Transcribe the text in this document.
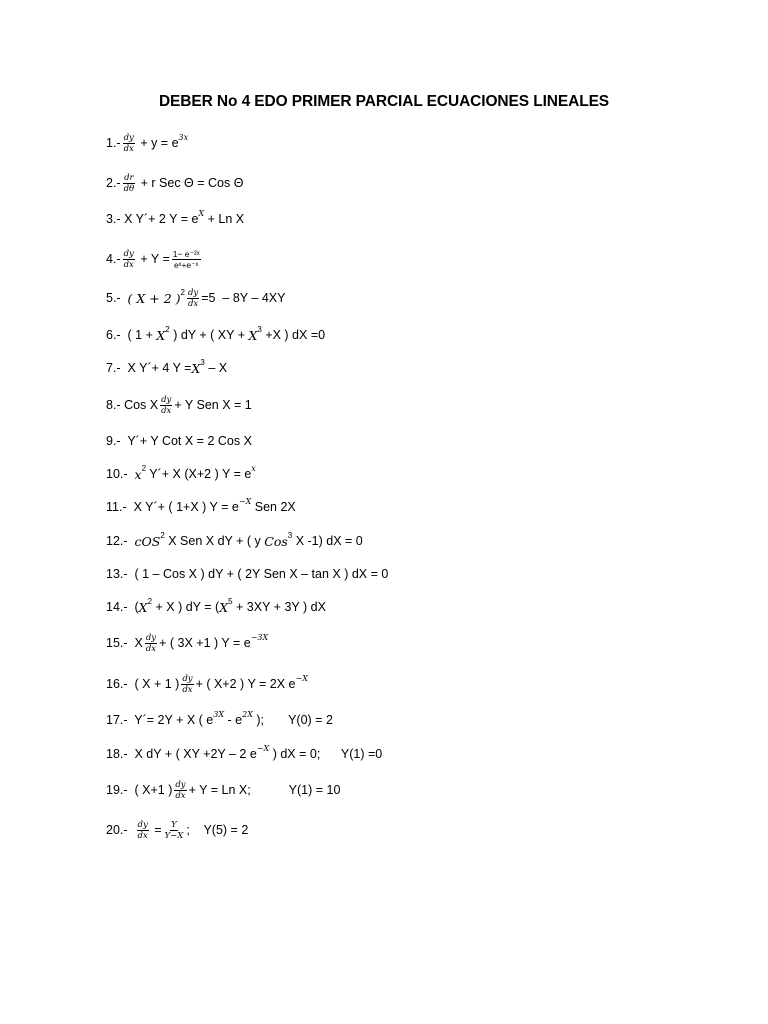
DEBER No 4 EDO PRIMER PARCIAL ECUACIONES LINEALES
$1.- \frac{dy}{dx} + y = e$ 3x
$2.- \frac{dr}{d\theta} + r$ Sec Θ = Cos Θ
3.- X Y´+ 2 Y = e X + Ln X
$4.- \frac{dy}{dx} + Y = \frac{\text{1− e⁻²ˣ}}{\text{eˣ+e⁻ˣ}}$
5.-
( X + 2 ) $2 \frac{dy}{dx} =5 - 8Y - 4XY$
6.- ( 1 + X 2 ) dY + ( XY + X 3 +X ) dX =0
7.- X Y´+ 4 Y = X 3 – X
8.- Cos X $\frac{dy}{dx} + Y$ Sen X = 1
9.- Y´+ Y Cot X = 2 Cos X
10.-
x 2 Y´+ X (X+2 ) Y = e x
11.- X Y´+ ( 1+X ) Y = e −X Sen 2X
12.-
cOS 2 X Sen X dY + ( y Cos 3 X -1) dX = 0
13.- ( 1 – Cos X ) dY + ( 2Y Sen X – tan X ) dX = 0
14.- ( X 2 + X ) dY = ( X 5 + 3XY + 3Y ) dX
15.- X $\frac{dy}{dx}$ + ( 3X +1 ) Y = e −3X
16.- ( X + 1 ) $\frac{dy}{dx}$ + ( X+2 ) Y = 2X e −X
17.- Y´= 2Y + X ( e 3X - e 2X );       Y(0) = 2
18.- X dY + ( XY +2Y – 2 e −X ) dX = 0;      Y(1) =0
19.- ( X+1 ) $\frac{dy}{dx} + Y = Ln$ X;           Y(1) = 10
20.-
$\frac{dy}{dx} = \frac{Y}{Y-X}$ ;    Y(5) = 2
